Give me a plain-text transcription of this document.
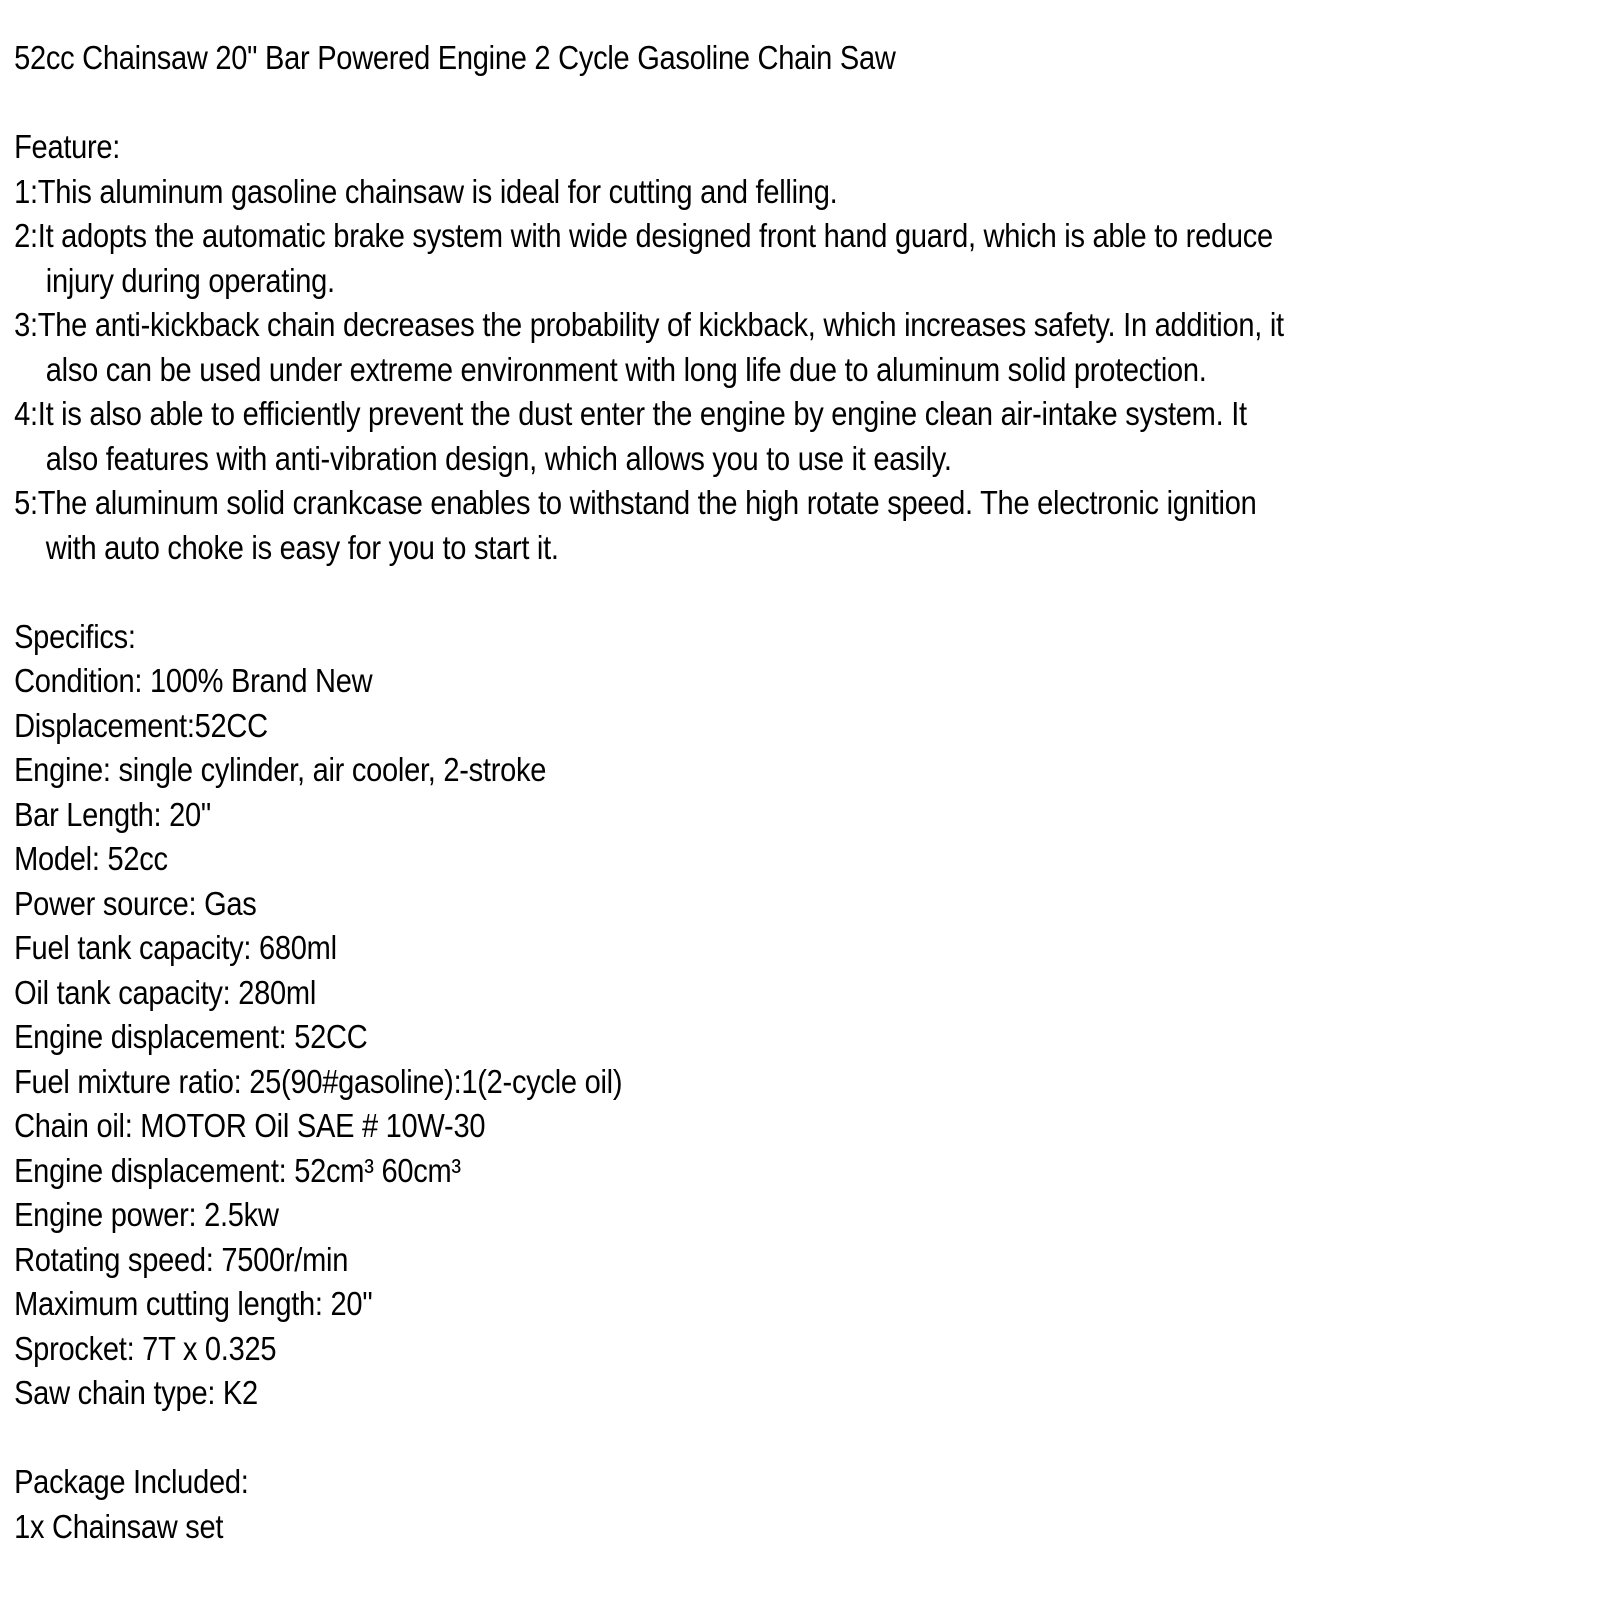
52cc Chainsaw 20" Bar Powered Engine 2 Cycle Gasoline Chain Saw
Feature:
1:This aluminum gasoline chainsaw is ideal for cutting and felling.
2:It adopts the automatic brake system with wide designed front hand guard, which is able to reduce
injury during operating.
3:The anti-kickback chain decreases the probability of kickback, which increases safety. In addition, it
also can be used under extreme environment with long life due to aluminum solid protection.
4:It is also able to efficiently prevent the dust enter the engine by engine clean air-intake system. It
also features with anti-vibration design, which allows you to use it easily.
5:The aluminum solid crankcase enables to withstand the high rotate speed. The electronic ignition
with auto choke is easy for you to start it.
Specifics:
Condition: 100% Brand New
Displacement:52CC
Engine: single cylinder, air cooler, 2-stroke
Bar Length: 20"
Model: 52cc
Power source: Gas
Fuel tank capacity: 680ml
Oil tank capacity: 280ml
Engine displacement: 52CC
Fuel mixture ratio: 25(90#gasoline):1(2-cycle oil)
Chain oil: MOTOR Oil SAE # 10W-30
Engine displacement: 52cm³ 60cm³
Engine power: 2.5kw
Rotating speed: 7500r/min
Maximum cutting length: 20"
Sprocket: 7T x 0.325
Saw chain type: K2
Package Included:
1x Chainsaw set
